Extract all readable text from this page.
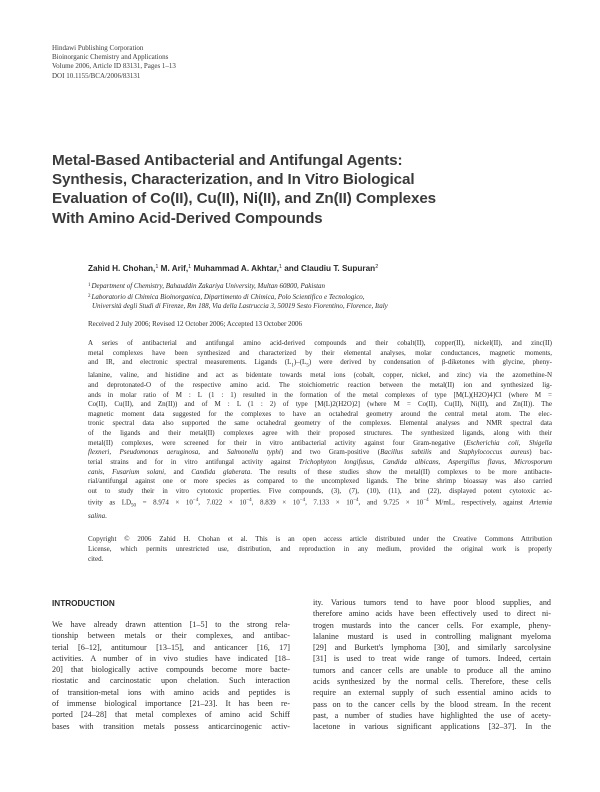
Hindawi Publishing Corporation
Bioinorganic Chemistry and Applications
Volume 2006, Article ID 83131, Pages 1–13
DOI 10.1155/BCA/2006/83131
Metal-Based Antibacterial and Antifungal Agents:
Synthesis, Characterization, and In Vitro Biological
Evaluation of Co(II), Cu(II), Ni(II), and Zn(II) Complexes
With Amino Acid-Derived Compounds
Zahid H. Chohan,$^1$ M. Arif,$^1$ Muhammad A. Akhtar,$^1$ and Claudiu T. Supuran$^2$
$^1$Department of Chemistry, Bahauddin Zakariya University, Multan 60800, Pakistan
$^2$Laboratorio di Chimica Bioinorganica, Dipartimento di Chimica, Polo Scientifico e Tecnologico,
Università degli Studi di Firenze, Rm 188, Via della Lastruccia 3, 50019 Sesto Fiorentino, Florence, Italy
Received 2 July 2006; Revised 12 October 2006; Accepted 13 October 2006
A series of antibacterial and antifungal amino acid-derived compounds and their cobalt(II), copper(II), nickel(II), and zinc(II)
metal complexes have been synthesized and characterized by their elemental analyses, molar conductances, magnetic moments,
and IR, and electronic spectral measurements. Ligands $(L_1)-(L_5)$ were derived by condensation of β-diketones with glycine, pheny-
lalanine, valine, and histidine and act as bidentate towards metal ions (cobalt, copper, nickel, and zinc) via the azomethine-N
and deprotonated-O of the respective amino acid. The stoichiometric reaction between the metal(II) ion and synthesized lig-
ands in molar ratio of M : L (1 : 1) resulted in the formation of the metal complexes of type [M(L)(H2O)4]Cl (where M =
Co(II), Cu(II), and Zn(II)) and of M : L (1 : 2) of type [M(L)2(H2O)2] (where M = Co(II), Cu(II), Ni(II), and Zn(II)). The
magnetic moment data suggested for the complexes to have an octahedral geometry around the central metal atom. The elec-
tronic spectral data also supported the same octahedral geometry of the complexes. Elemental analyses and NMR spectral data
of the ligands and their metal(II) complexes agree with their proposed structures. The synthesized ligands, along with their
metal(II) complexes, were screened for their in vitro antibacterial activity against four Gram-negative (Escherichia coli, Shigella
flexneri, Pseudomonas aeruginosa, and Salmonella typhi) and two Gram-positive (Bacillus subtilis and Staphylococcus aureus) bac-
terial strains and for in vitro antifungal activity against Trichophyton longifusus, Candida albicans, Aspergillus flavus, Microsporum
canis, Fusarium solani, and Candida glaberata. The results of these studies show the metal(II) complexes to be more antibacte-
rial/antifungal against one or more species as compared to the uncomplexed ligands. The brine shrimp bioassay was also carried
out to study their in vitro cytotoxic properties. Five compounds, (3), (7), (10), (11), and (22), displayed potent cytotoxic ac-
tivity as $LD_{50} = 8.974 \times 10^{-4}$, $7.022 \times 10^{-4}$, $8.839 \times 10^{-4}$, $7.133 \times 10^{-4}$, and $9.725 \times 10^{-4}$ M/mL, respectively, against Artemia
salina.
Copyright © 2006 Zahid H. Chohan et al. This is an open access article distributed under the Creative Commons Attribution
License, which permits unrestricted use, distribution, and reproduction in any medium, provided the original work is properly
cited.
INTRODUCTION
We have already drawn attention [1–5] to the strong rela-
tionship between metals or their complexes, and antibac-
terial [6–12], antitumour [13–15], and anticancer [16, 17]
activities. A number of in vivo studies have indicated [18–
20] that biologically active compounds become more bacte-
riostatic and carcinostatic upon chelation. Such interaction
of transition-metal ions with amino acids and peptides is
of immense biological importance [21–23]. It has been re-
ported [24–28] that metal complexes of amino acid Schiff
bases with transition metals possess anticarcinogenic activ-
ity. Various tumors tend to have poor blood supplies, and
therefore amino acids have been effectively used to direct ni-
trogen mustards into the cancer cells. For example, pheny-
lalanine mustard is used in controlling malignant myeloma
[29] and Burkett's lymphoma [30], and similarly sarcolysine
[31] is used to treat wide range of tumors. Indeed, certain
tumors and cancer cells are unable to produce all the amino
acids synthesized by the normal cells. Therefore, these cells
require an external supply of such essential amino acids to
pass on to the cancer cells by the blood stream. In the recent
past, a number of studies have highlighted the use of acety-
lacetone in various significant applications [32–37]. In the
